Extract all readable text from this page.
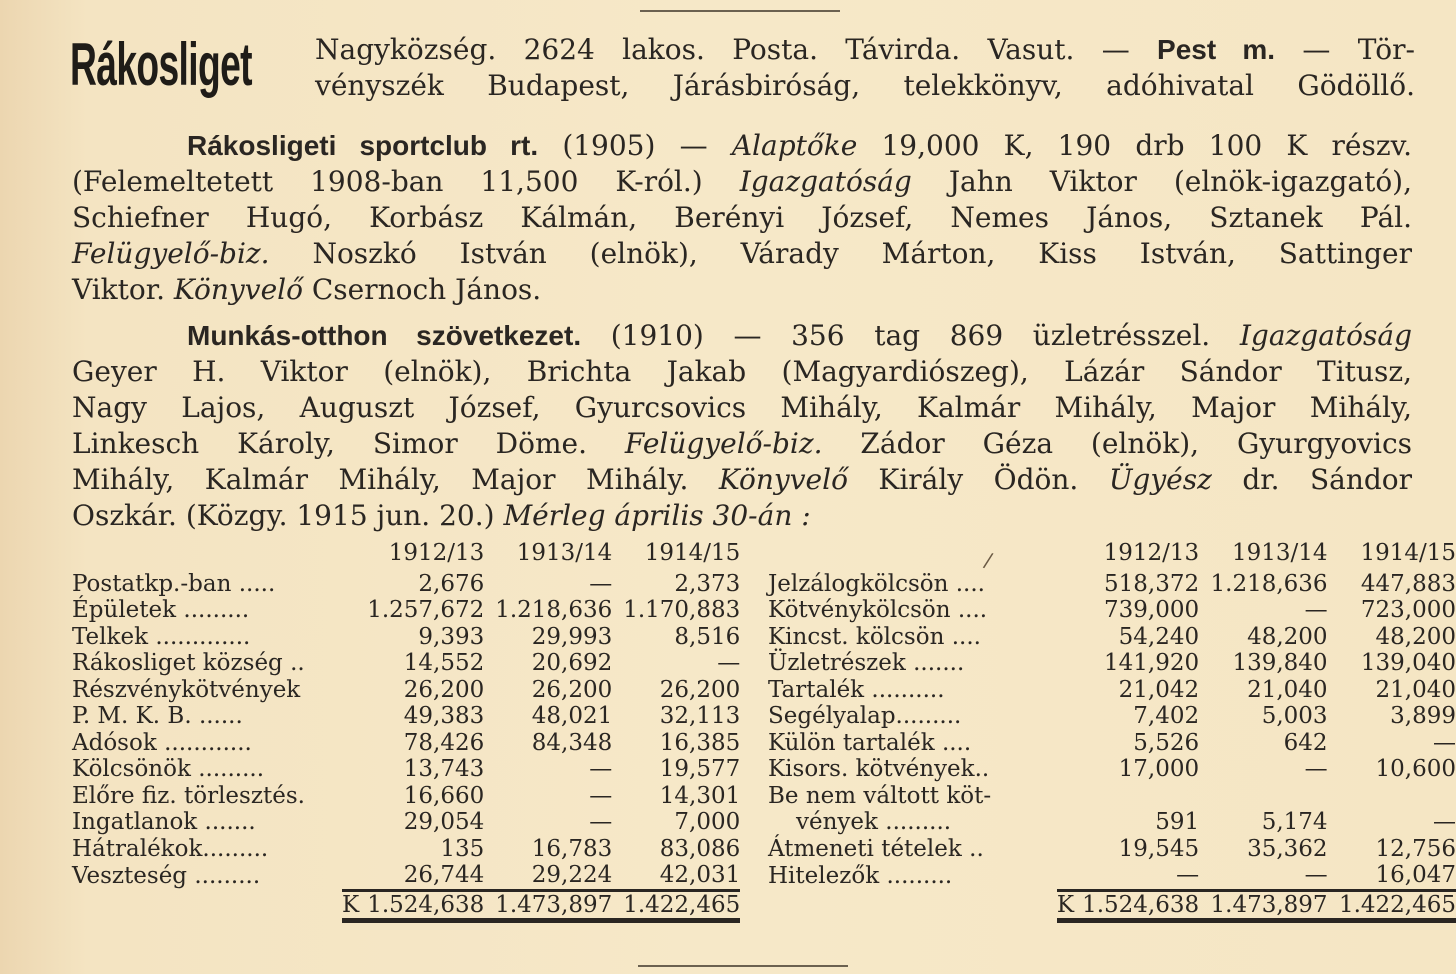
Rákosliget Nagyközség. 2624 lakos. Posta. Távirda. Vasut. — Pest m. — Tör-
vényszék Budapest, Járásbiróság, telekkönyv, adóhivatal Gödöllő.
Rákosligeti sportclub rt. (1905) — Alaptőke 19,000 K, 190 drb 100 K részv.
(Felemeltetett 1908-ban 11,500 K-ról.) Igazgatóság Jahn Viktor (elnök-igazgató),
Schiefner Hugó, Korbász Kálmán, Berényi József, Nemes János, Sztanek Pál.
Felügyelő-biz. Noszkó István (elnök), Várady Márton, Kiss István, Sattinger
Viktor. Könyvelő Csernoch János.
Munkás-otthon szövetkezet. (1910) — 356 tag 869 üzletrésszel. Igazgatóság
Geyer H. Viktor (elnök), Brichta Jakab (Magyardiószeg), Lázár Sándor Titusz,
Nagy Lajos, Auguszt József, Gyurcsovics Mihály, Kalmár Mihály, Major Mihály,
Linkesch Károly, Simor Döme. Felügyelő-biz. Zádor Géza (elnök), Gyurgyovics
Mihály, Kalmár Mihály, Major Mihály. Könyvelő Király Ödön. Ügyész dr. Sándor
Oszkár. (Közgy. 1915 jun. 20.) Mérleg április 30-án :
/
	1912/13	1913/14	1914/15
Postatkp.-ban .....	2,676	—	2,373
Épületek .........	1.257,672	1.218,636	1.170,883
Telkek .............	9,393	29,993	8,516
Rákosliget község ..	14,552	20,692	—
Részvénykötvények	26,200	26,200	26,200
P. M. K. B. ......	49,383	48,021	32,113
Adósok ............	78,426	84,348	16,385
Kölcsönök .........	13,743	—	19,577
Előre fiz. törlesztés.	16,660	—	14,301
Ingatlanok .......	29,054	—	7,000
Hátralékok.........	135	16,783	83,086
Veszteség .........	26,744	29,224	42,031
	K 1.524,638	1.473,897	1.422,465
	1912/13	1913/14	1914/15
Jelzálogkölcsön ....	518,372	1.218,636	447,883
Kötvénykölcsön ....	739,000	—	723,000
Kincst. kölcsön ....	54,240	48,200	48,200
Üzletrészek .......	141,920	139,840	139,040
Tartalék ..........	21,042	21,040	21,040
Segélyalap.........	7,402	5,003	3,899
Külön tartalék ....	5,526	642	—
Kisors. kötvények..	17,000	—	10,600
Be nem váltott köt-			
vények .........	591	5,174	—
Átmeneti tételek ..	19,545	35,362	12,756
Hitelezők .........	—	—	16,047
	K 1.524,638	1.473,897	1.422,465
